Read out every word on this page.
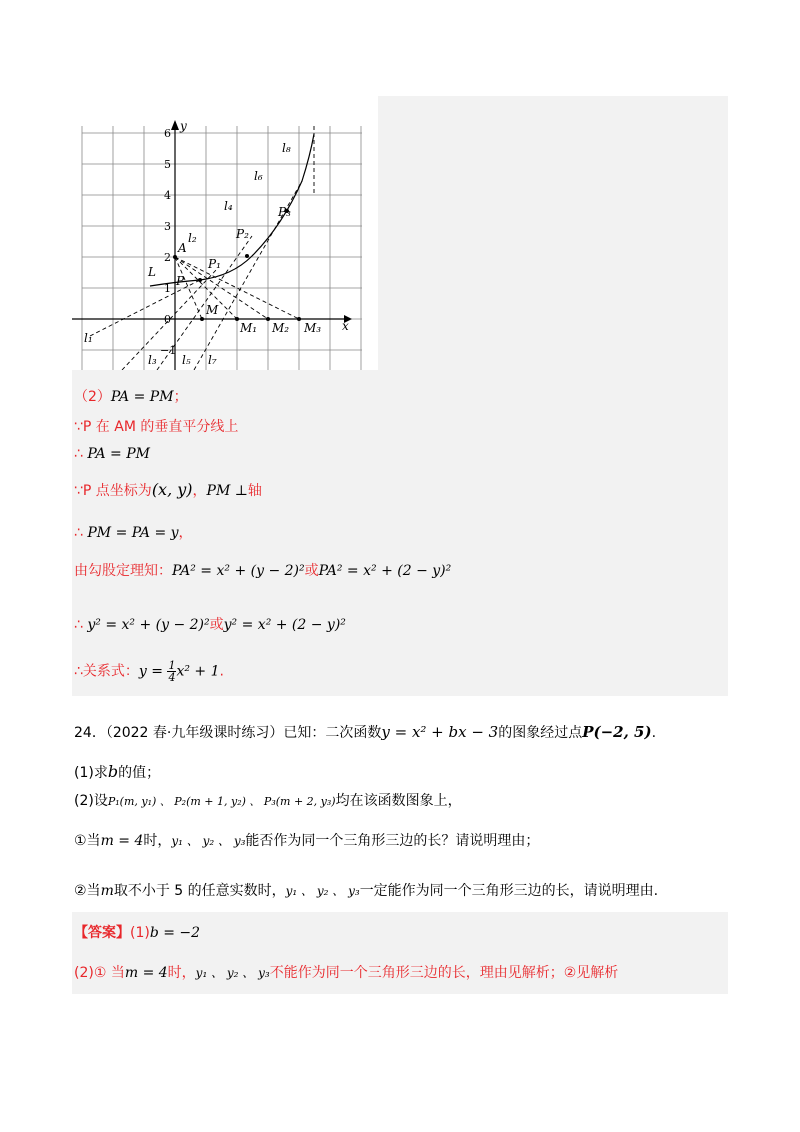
y
x
l₈
l₆
l₄
l₂
l₁
l₃ l₅ l₇
L
A
P
P₁
P₂
P₃
M
M₁ M₂ M₃
6
5
4
3
2
1
0
−1
（2）PA = PM；
∵P 在 AM 的垂直平分线上
∴ PA = PM
∵P 点坐标为(x, y)，PM ⊥轴
∴ PM = PA = y，
由勾股定理知：PA² = x² + (y − 2)²或PA² = x² + (2 − y)²
∴ y² = x² + (y − 2)²或y² = x² + (2 − y)²
∴关系式：$y = \frac{1}{4} x^2 + 1$.
24．（2022 春·九年级课时练习）已知：二次函数y = x² + bx − 3的图象经过点P(−2, 5).
(1)求b的值；
(2)设P₁(m, y₁) 、 P₂(m + 1, y₂) 、 P₃(m + 2, y₃)均在该函数图象上，
①当m = 4时，y₁ 、 y₂ 、 y₃能否作为同一个三角形三边的长？请说明理由；
②当m取不小于 5 的任意实数时，y₁ 、 y₂ 、 y₃一定能作为同一个三角形三边的长，请说明理由.
【答案】(1)b = −2
(2)① 当m = 4时，y₁ 、 y₂ 、 y₃不能作为同一个三角形三边的长，理由见解析；②见解析
